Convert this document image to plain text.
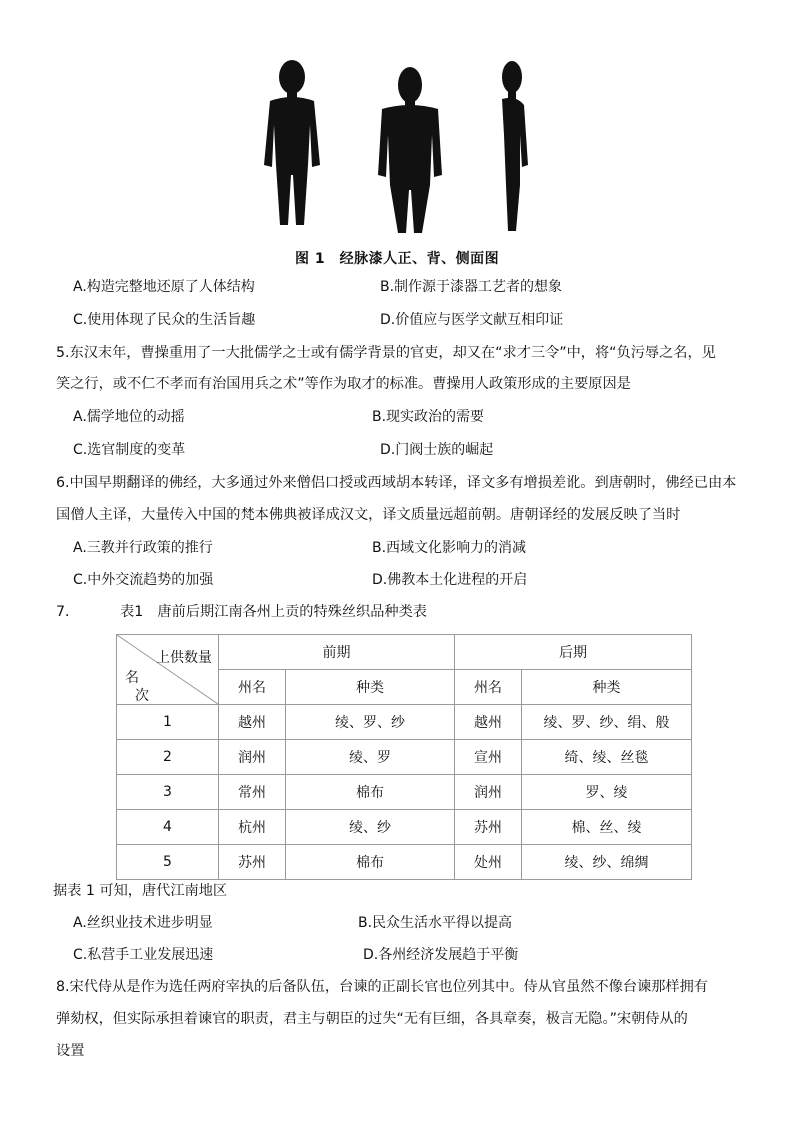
图 1　经脉漆人正、背、侧面图
A.构造完整地还原了人体结构	B.制作源于漆器工艺者的想象
C.使用体现了民众的生活旨趣	D.价值应与医学文献互相印证
5.东汉末年，曹操重用了一大批儒学之士或有儒学背景的官吏，却又在“求才三令”中，将“负污辱之名，见
笑之行，或不仁不孝而有治国用兵之术”等作为取才的标准。曹操用人政策形成的主要原因是
A.儒学地位的动摇	B.现实政治的需要
C.选官制度的变革	D.门阀士族的崛起
6.中国早期翻译的佛经，大多通过外来僧侣口授或西域胡本转译，译文多有增损差讹。到唐朝时，佛经已由本
国僧人主译，大量传入中国的梵本佛典被译成汉文，译文质量远超前朝。唐朝译经的发展反映了当时
A.三教并行政策的推行	B.西域文化影响力的消减
C.中外交流趋势的加强	D.佛教本土化进程的开启
7．	表1　唐前后期江南各州上贡的特殊丝织品种类表
上供数量
名
次	前期		后期	
	州名	种类	州名	种类
1	越州	绫、罗、纱	越州	绫、罗、纱、绢、般
2	润州	绫、罗	宣州	绮、绫、丝毯
3	常州	棉布	润州	罗、绫
4	杭州	绫、纱	苏州	棉、丝、绫
5	苏州	棉布	处州	绫、纱、绵绸
据表 1 可知，唐代江南地区
A.丝织业技术进步明显	B.民众生活水平得以提高
C.私营手工业发展迅速	D.各州经济发展趋于平衡
8.宋代侍从是作为选任两府宰执的后备队伍，台谏的正副长官也位列其中。侍从官虽然不像台谏那样拥有
弹劾权，但实际承担着谏官的职责，君主与朝臣的过失“无有巨细，各具章奏，极言无隐。”宋朝侍从的
设置
